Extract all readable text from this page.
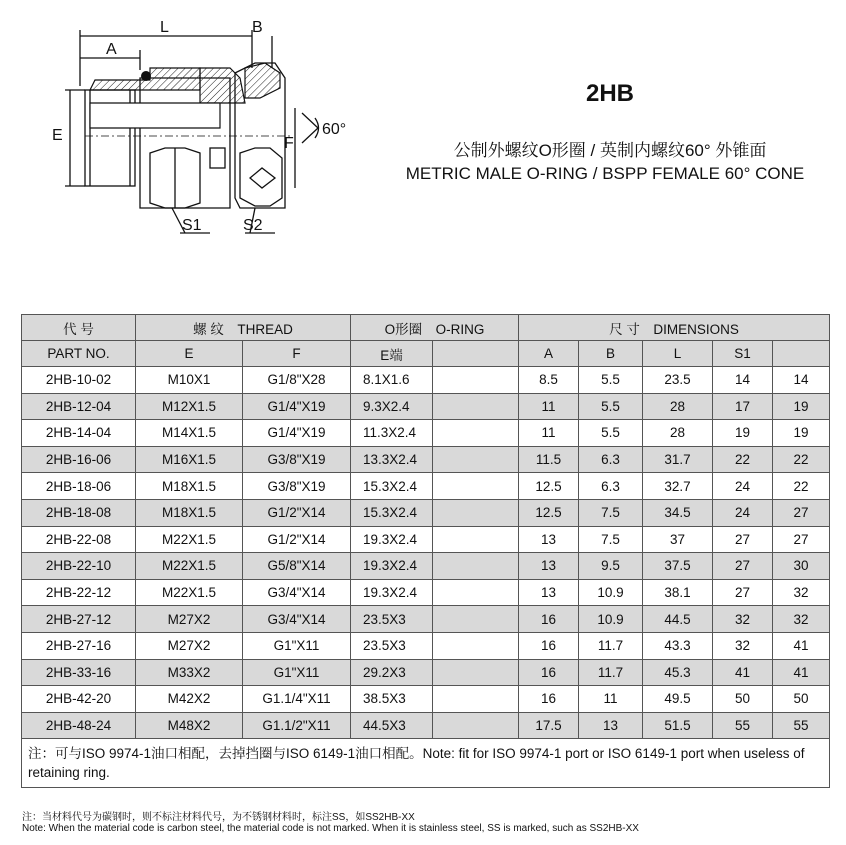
L	B
A
E	F
60°
S1	S2
2HB
公制外螺纹O形圈 / 英制内螺纹60° 外锥面
METRIC MALE O-RING / BSPP FEMALE 60° CONE
代 号	螺 纹　THREAD		O形圈　O-RING		尺 寸　DIMENSIONS				
PART NO.	E	F	E端		A	B	L	S1	
2HB-10-02	M10X1	G1/8"X28	8.1X1.6		8.5	5.5	23.5	14	14
2HB-12-04	M12X1.5	G1/4"X19	9.3X2.4		11	5.5	28	17	19
2HB-14-04	M14X1.5	G1/4"X19	11.3X2.4		11	5.5	28	19	19
2HB-16-06	M16X1.5	G3/8"X19	13.3X2.4		11.5	6.3	31.7	22	22
2HB-18-06	M18X1.5	G3/8"X19	15.3X2.4		12.5	6.3	32.7	24	22
2HB-18-08	M18X1.5	G1/2"X14	15.3X2.4		12.5	7.5	34.5	24	27
2HB-22-08	M22X1.5	G1/2"X14	19.3X2.4		13	7.5	37	27	27
2HB-22-10	M22X1.5	G5/8"X14	19.3X2.4		13	9.5	37.5	27	30
2HB-22-12	M22X1.5	G3/4"X14	19.3X2.4		13	10.9	38.1	27	32
2HB-27-12	M27X2	G3/4"X14	23.5X3		16	10.9	44.5	32	32
2HB-27-16	M27X2	G1"X11	23.5X3		16	11.7	43.3	32	41
2HB-33-16	M33X2	G1"X11	29.2X3		16	11.7	45.3	41	41
2HB-42-20	M42X2	G1.1/4"X11	38.5X3		16	11	49.5	50	50
2HB-48-24	M48X2	G1.1/2"X11	44.5X3		17.5	13	51.5	55	55
注：可与ISO 9974-1油口相配，去掉挡圈与ISO 6149-1油口相配。Note: fit for ISO 9974-1 port or ISO 6149-1 port when useless of retaining ring.									
注：当材料代号为碳钢时，则不标注材料代号，为不锈钢材料时，标注SS，如SS2HB-XX
Note: When the material code is carbon steel, the material code is not marked. When it is stainless steel, SS is marked, such as SS2HB-XX
